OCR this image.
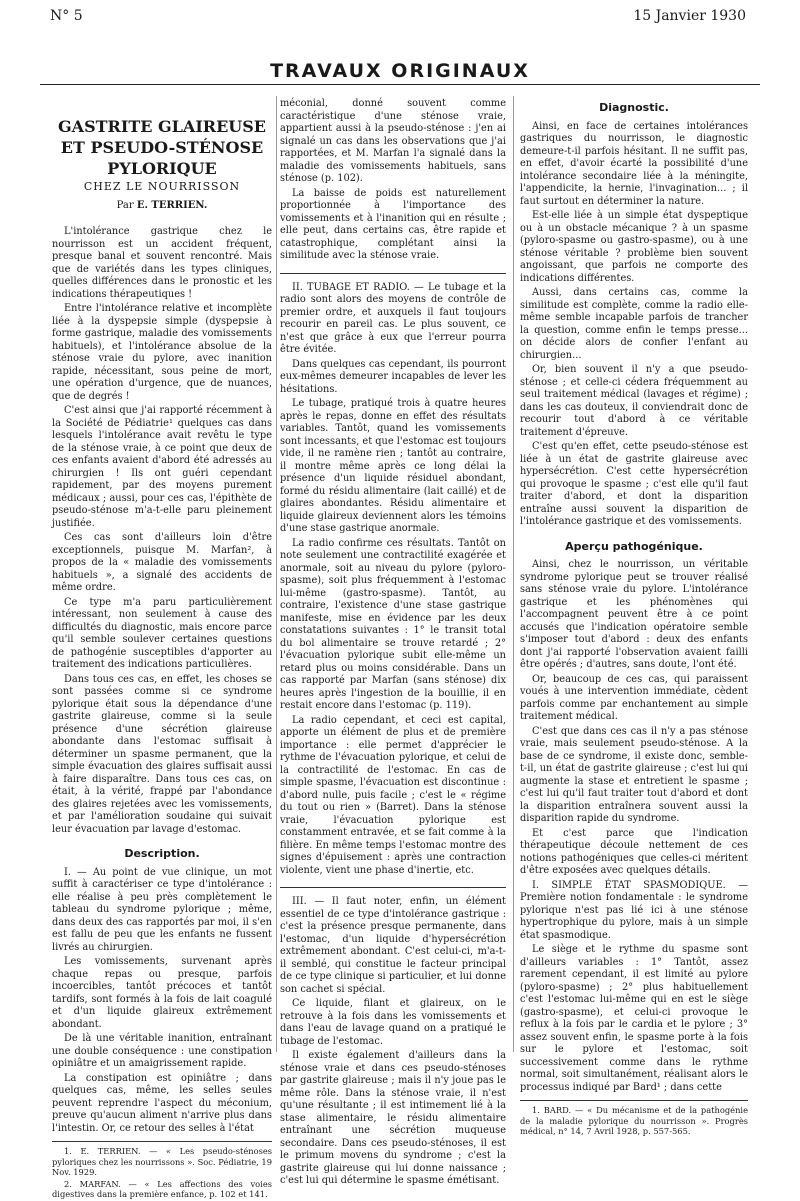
N° 5	15 Janvier 1930
TRAVAUX ORIGINAUX
GASTRITE GLAIREUSE
ET PSEUDO-STÉNOSE PYLORIQUE
CHEZ LE NOURRISSON
Par E. TERRIEN.

L'intolérance gastrique chez le nourrisson est un accident fréquent, presque banal et souvent rencontré. Mais que de variétés dans les types cliniques, quelles différences dans le pronostic et les indications thérapeutiques !

Entre l'intolérance relative et incomplète liée à la dyspepsie simple (dyspepsie à forme gastrique, maladie des vomissements habituels), et l'intolérance absolue de la sténose vraie du pylore, avec inanition rapide, nécessitant, sous peine de mort, une opération d'urgence, que de nuances, que de degrés !

C'est ainsi que j'ai rapporté récemment à la Société de Pédiatrie¹ quelques cas dans lesquels l'intolérance avait revêtu le type de la sténose vraie, à ce point que deux de ces enfants avaient d'abord été adressés au chirurgien ! Ils ont guéri cependant rapidement, par des moyens purement médicaux ; aussi, pour ces cas, l'épithète de pseudo-sténose m'a-t-elle paru pleinement justifiée.

Ces cas sont d'ailleurs loin d'être exceptionnels, puisque M. Marfan², à propos de la « maladie des vomissements habituels », a signalé des accidents de même ordre.

Ce type m'a paru particulièrement intéressant, non seulement à cause des difficultés du diagnostic, mais encore parce qu'il semble soulever certaines questions de pathogénie susceptibles d'apporter au traitement des indications particulières.

Dans tous ces cas, en effet, les choses se sont passées comme si ce syndrome pylorique était sous la dépendance d'une gastrite glaireuse, comme si la seule présence d'une sécrétion glaireuse abondante dans l'estomac suffisait à déterminer un spasme permanent, que la simple évacuation des glaires suffisait aussi à faire disparaître. Dans tous ces cas, on était, à la vérité, frappé par l'abondance des glaires rejetées avec les vomissements, et par l'amélioration soudaine qui suivait leur évacuation par lavage d'estomac.

Description.

I. — Au point de vue clinique, un mot suffit à caractériser ce type d'intolérance : elle réalise à peu près complètement le tableau du syndrome pylorique ; même, dans deux des cas rapportés par moi, il s'en est fallu de peu que les enfants ne fussent livrés au chirurgien.

Les vomissements, survenant après chaque repas ou presque, parfois incoercibles, tantôt précoces et tantôt tardifs, sont formés à la fois de lait coagulé et d'un liquide glaireux extrêmement abondant.

De là une véritable inanition, entraînant une double conséquence : une constipation opiniâtre et un amaigrissement rapide.

La constipation est opiniâtre ; dans quelques cas, même, les selles seules peuvent reprendre l'aspect du méconium, preuve qu'aucun aliment n'arrive plus dans l'intestin. Or, ce retour des selles à l'état

1. E. TERRIEN. — « Les pseudo-sténoses pyloriques chez les nourrissons ». Soc. Pédiatrie, 19 Nov. 1929.

2. MARFAN. — « Les affections des voies digestives dans la première enfance, p. 102 et 141.

méconial, donné souvent comme caractéristique d'une sténose vraie, appartient aussi à la pseudo-sténose : j'en ai signalé un cas dans les observations que j'ai rapportées, et M. Marfan l'a signalé dans la maladie des vomissements habituels, sans sténose (p. 102).

La baisse de poids est naturellement proportionnée à l'importance des vomissements et à l'inanition qui en résulte ; elle peut, dans certains cas, être rapide et catastrophique, complétant ainsi la similitude avec la sténose vraie.

II. TUBAGE ET RADIO. — Le tubage et la radio sont alors des moyens de contrôle de premier ordre, et auxquels il faut toujours recourir en pareil cas. Le plus souvent, ce n'est que grâce à eux que l'erreur pourra être évitée.

Dans quelques cas cependant, ils pourront eux-mêmes demeurer incapables de lever les hésitations.

Le tubage, pratiqué trois à quatre heures après le repas, donne en effet des résultats variables. Tantôt, quand les vomissements sont incessants, et que l'estomac est toujours vide, il ne ramène rien ; tantôt au contraire, il montre même après ce long délai la présence d'un liquide résiduel abondant, formé du résidu alimentaire (lait caillé) et de glaires abondantes. Résidu alimentaire et liquide glaireux deviennent alors les témoins d'une stase gastrique anormale.

La radio confirme ces résultats. Tantôt on note seulement une contractilité exagérée et anormale, soit au niveau du pylore (pyloro-spasme), soit plus fréquemment à l'estomac lui-même (gastro-spasme). Tantôt, au contraire, l'existence d'une stase gastrique manifeste, mise en évidence par les deux constatations suivantes : 1° le transit total du bol alimentaire se trouve retardé ; 2° l'évacuation pylorique subit elle-même un retard plus ou moins considérable. Dans un cas rapporté par Marfan (sans sténose) dix heures après l'ingestion de la bouillie, il en restait encore dans l'estomac (p. 119).

La radio cependant, et ceci est capital, apporte un élément de plus et de première importance : elle permet d'apprécier le rythme de l'évacuation pylorique, et celui de la contractilité de l'estomac. En cas de simple spasme, l'évacuation est discontinue : d'abord nulle, puis facile ; c'est le « régime du tout ou rien » (Barret). Dans la sténose vraie, l'évacuation pylorique est constamment entravée, et se fait comme à la filière. En même temps l'estomac montre des signes d'épuisement : après une contraction violente, vient une phase d'inertie, etc.

III. — Il faut noter, enfin, un élément essentiel de ce type d'intolérance gastrique : c'est la présence presque permanente, dans l'estomac, d'un liquide d'hypersécrétion extrêmement abondant. C'est celui-ci, m'a-t-il semblé, qui constitue le facteur principal de ce type clinique si particulier, et lui donne son cachet si spécial.

Ce liquide, filant et glaireux, on le retrouve à la fois dans les vomissements et dans l'eau de lavage quand on a pratiqué le tubage de l'estomac.

Il existe également d'ailleurs dans la sténose vraie et dans ces pseudo-sténoses par gastrite glaireuse ; mais il n'y joue pas le même rôle. Dans la sténose vraie, il n'est qu'une résultante ; il est intimement lié à la stase alimentaire, le résidu alimentaire entraînant une sécrétion muqueuse secondaire. Dans ces pseudo-sténoses, il est le primum movens du syndrome ; c'est la gastrite glaireuse qui lui donne naissance ; c'est lui qui détermine le spasme émétisant.

Diagnostic.

Ainsi, en face de certaines intolérances gastriques du nourrisson, le diagnostic demeure-t-il parfois hésitant. Il ne suffit pas, en effet, d'avoir écarté la possibilité d'une intolérance secondaire liée à la méningite, l'appendicite, la hernie, l'invagination... ; il faut surtout en déterminer la nature.

Est-elle liée à un simple état dyspeptique ou à un obstacle mécanique ? à un spasme (pyloro-spasme ou gastro-spasme), ou à une sténose véritable ? problème bien souvent angoissant, que parfois ne comporte des indications différentes.

Aussi, dans certains cas, comme la similitude est complète, comme la radio elle-même semble incapable parfois de trancher la question, comme enfin le temps presse... on décide alors de confier l'enfant au chirurgien...

Or, bien souvent il n'y a que pseudo-sténose ; et celle-ci cédera fréquemment au seul traitement médical (lavages et régime) ; dans les cas douteux, il conviendrait donc de recourir tout d'abord à ce véritable traitement d'épreuve.

C'est qu'en effet, cette pseudo-sténose est liée à un état de gastrite glaireuse avec hypersécrétion. C'est cette hypersécrétion qui provoque le spasme ; c'est elle qu'il faut traiter d'abord, et dont la disparition entraîne aussi souvent la disparition de l'intolérance gastrique et des vomissements.

Aperçu pathogénique.

Ainsi, chez le nourrisson, un véritable syndrome pylorique peut se trouver réalisé sans sténose vraie du pylore. L'intolérance gastrique et les phénomènes qui l'accompagnent peuvent être à ce point accusés que l'indication opératoire semble s'imposer tout d'abord : deux des enfants dont j'ai rapporté l'observation avaient failli être opérés ; d'autres, sans doute, l'ont été.

Or, beaucoup de ces cas, qui paraissent voués à une intervention immédiate, cèdent parfois comme par enchantement au simple traitement médical.

C'est que dans ces cas il n'y a pas sténose vraie, mais seulement pseudo-sténose. A la base de ce syndrome, il existe donc, semble-t-il, un état de gastrite glaireuse ; c'est lui qui augmente la stase et entretient le spasme ; c'est lui qu'il faut traiter tout d'abord et dont la disparition entraînera souvent aussi la disparition rapide du syndrome.

Et c'est parce que l'indication thérapeutique découle nettement de ces notions pathogéniques que celles-ci méritent d'être exposées avec quelques détails.

I. SIMPLE ÉTAT SPASMODIQUE. — Première notion fondamentale : le syndrome pylorique n'est pas lié ici à une sténose hypertrophique du pylore, mais à un simple état spasmodique.

Le siège et le rythme du spasme sont d'ailleurs variables : 1° Tantôt, assez rarement cependant, il est limité au pylore (pyloro-spasme) ; 2° plus habituellement c'est l'estomac lui-même qui en est le siège (gastro-spasme), et celui-ci provoque le reflux à la fois par le cardia et le pylore ; 3° assez souvent enfin, le spasme porte à la fois sur le pylore et l'estomac, soit successivement comme dans le rythme normal, soit simultanément, réalisant alors le processus indiqué par Bard¹ ; dans cette

1. BARD. — « Du mécanisme et de la pathogénie de la maladie pylorique du nourrisson ». Progrès médical, n° 14, 7 Avril 1928, p. 557-565.
